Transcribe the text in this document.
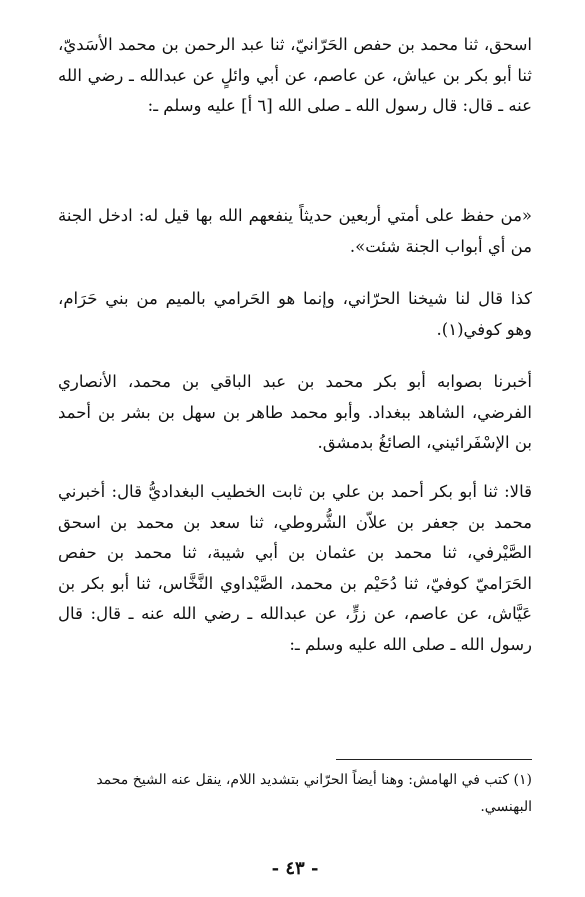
اسحق، ثنا محمد بن حفص الحَرّانيّ، ثنا عبد الرحمن بن محمد الأسَديّ، ثنا أبو بكر بن عياش، عن عاصم، عن أبي وائلٍ عن عبدالله ـ رضي الله عنه ـ قال: قال رسول الله ـ صلى الله [٦ أ] عليه وسلم ـ:

«من حفظ على أمتي أربعين حديثاً ينفعهم الله بها قيل له: ادخل الجنة من أي أبواب الجنة شئت».

كذا قال لنا شيخنا الحرّاني، وإنما هو الحَرامي بالميم من بني حَرَام، وهو كوفي(١).

أخبرنا بصوابه أبو بكر محمد بن عبد الباقي بن محمد، الأنصاري الفرضي، الشاهد ببغداد. وأبو محمد طاهر بن سهل بن بشر بن أحمد بن الإسْفَرائيني، الصائغُ بدمشق.

قالا: ثنا أبو بكر أحمد بن علي بن ثابت الخطيب البغداديُّ قال: أخبرني محمد بن جعفر بن علاّن الشُّروطي، ثنا سعد بن محمد بن اسحق الصَّيْرفي، ثنا محمد بن عثمان بن أبي شيبة، ثنا محمد بن حفص الحَرَاميّ كوفيّ، ثنا دُحَيْم بن محمد، الصَّيْداوي النَّخَّاس، ثنا أبو بكر بن عَيَّاش، عن عاصم، عن زرٍّ، عن عبدالله ـ رضي الله عنه ـ قال: قال رسول الله ـ صلى الله عليه وسلم ـ:

(١) كتب في الهامش: وهنا أيضاً الحرّاني بتشديد اللام، ينقل عنه الشيخ محمد البهنسي.

- ٤٣ -
